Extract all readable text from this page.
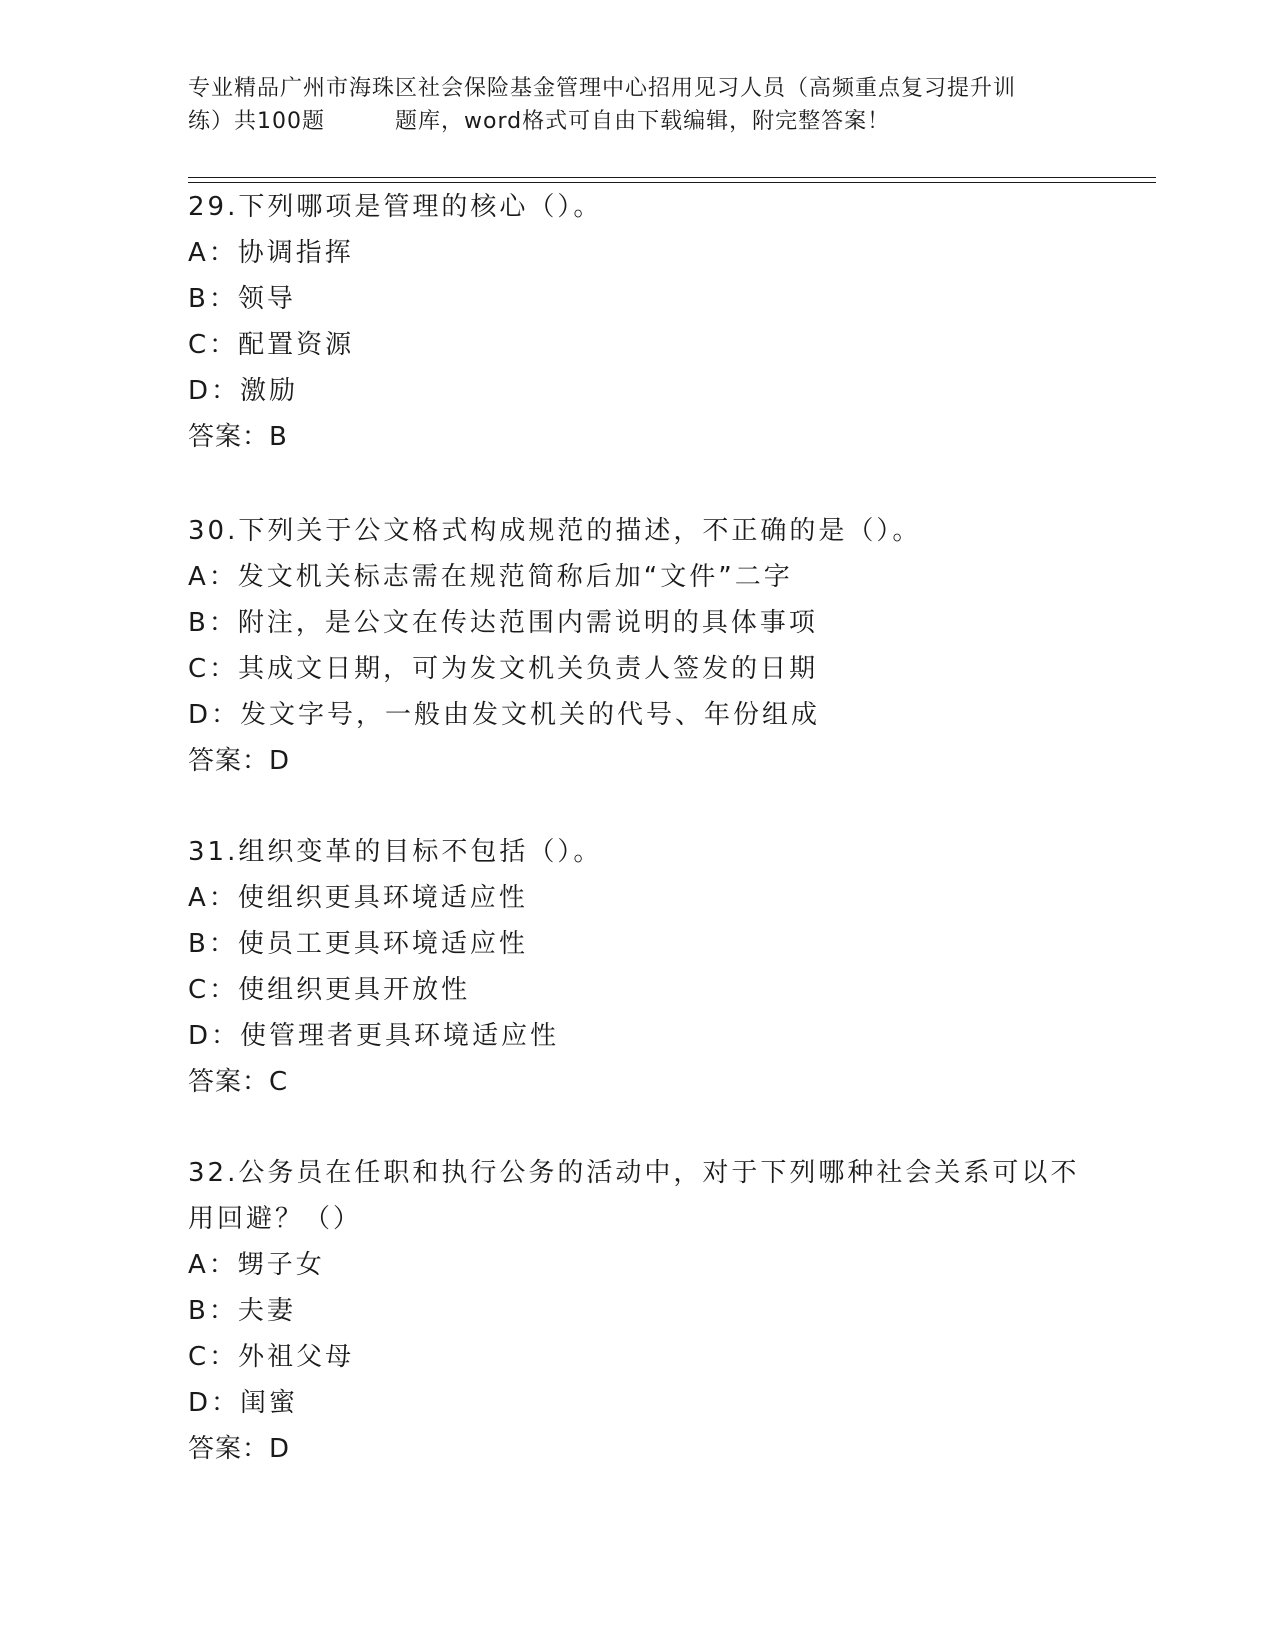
专业精品广州市海珠区社会保险基金管理中心招用见习人员（高频重点复习提升训
练）共100题	题库，word格式可自由下载编辑，附完整答案！
29.下列哪项是管理的核心（）。
A：协调指挥
B：领导
C：配置资源
D：激励
答案：B
30.下列关于公文格式构成规范的描述，不正确的是（）。
A：发文机关标志需在规范简称后加“文件”二字
B：附注，是公文在传达范围内需说明的具体事项
C：其成文日期，可为发文机关负责人签发的日期
D：发文字号，一般由发文机关的代号、年份组成
答案：D
31.组织变革的目标不包括（）。
A：使组织更具环境适应性
B：使员工更具环境适应性
C：使组织更具开放性
D：使管理者更具环境适应性
答案：C
32.公务员在任职和执行公务的活动中，对于下列哪种社会关系可以不
用回避？（）
A：甥子女
B：夫妻
C：外祖父母
D：闺蜜
答案：D
